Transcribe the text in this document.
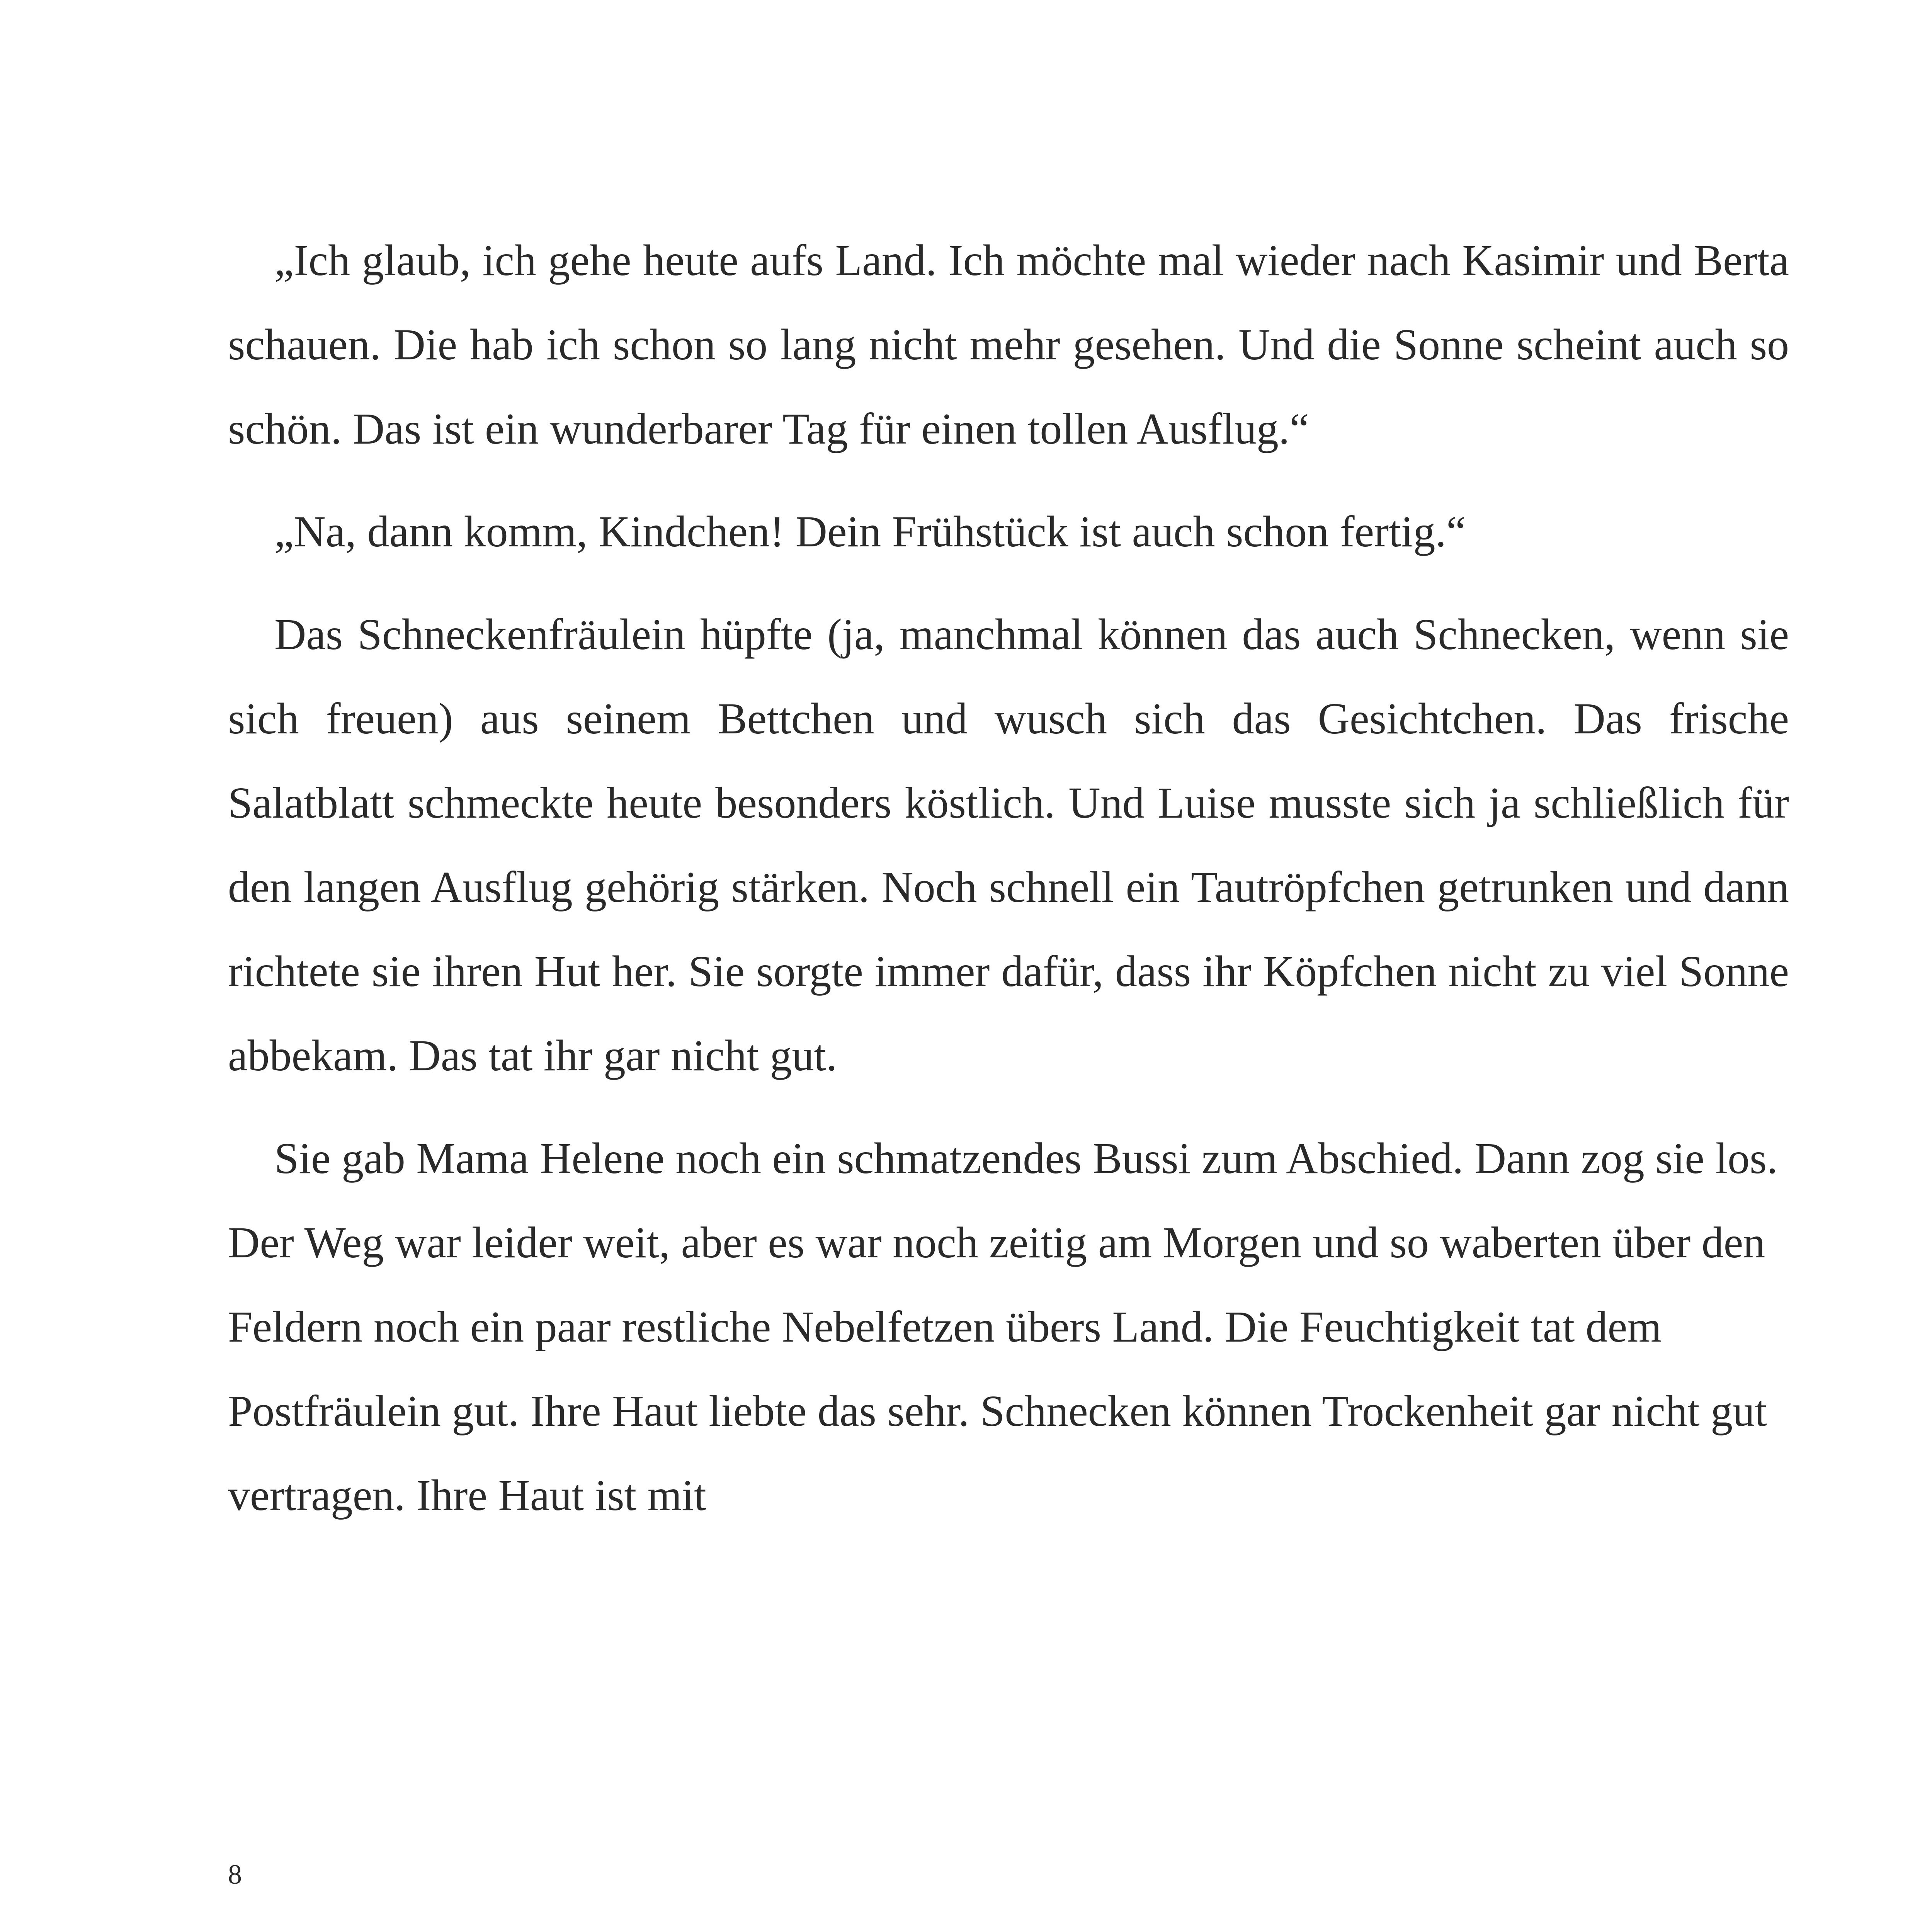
„Ich glaub, ich gehe heute aufs Land. Ich möchte mal wieder nach Kasimir und Berta schauen. Die hab ich schon so lang nicht mehr gesehen. Und die Sonne scheint auch so schön. Das ist ein wunderbarer Tag für einen tollen Ausflug.“

„Na, dann komm, Kindchen! Dein Frühstück ist auch schon fertig.“

Das Schneckenfräulein hüpfte (ja, manchmal können das auch Schnecken, wenn sie sich freuen) aus seinem Bettchen und wusch sich das Gesichtchen. Das frische Salatblatt schmeckte heute besonders köstlich. Und Luise musste sich ja schließlich für den langen Ausflug gehörig stärken. Noch schnell ein Tautröpfchen getrunken und dann richtete sie ihren Hut her. Sie sorgte immer dafür, dass ihr Köpfchen nicht zu viel Sonne abbekam. Das tat ihr gar nicht gut.

Sie gab Mama Helene noch ein schmatzendes Bussi zum Abschied. Dann zog sie los. Der Weg war leider weit, aber es war noch zeitig am Morgen und so waberten über den Feldern noch ein paar restliche Nebelfetzen übers Land. Die Feuchtigkeit tat dem Postfräulein gut. Ihre Haut liebte das sehr. Schnecken können Trockenheit gar nicht gut vertragen. Ihre Haut ist mit

8
